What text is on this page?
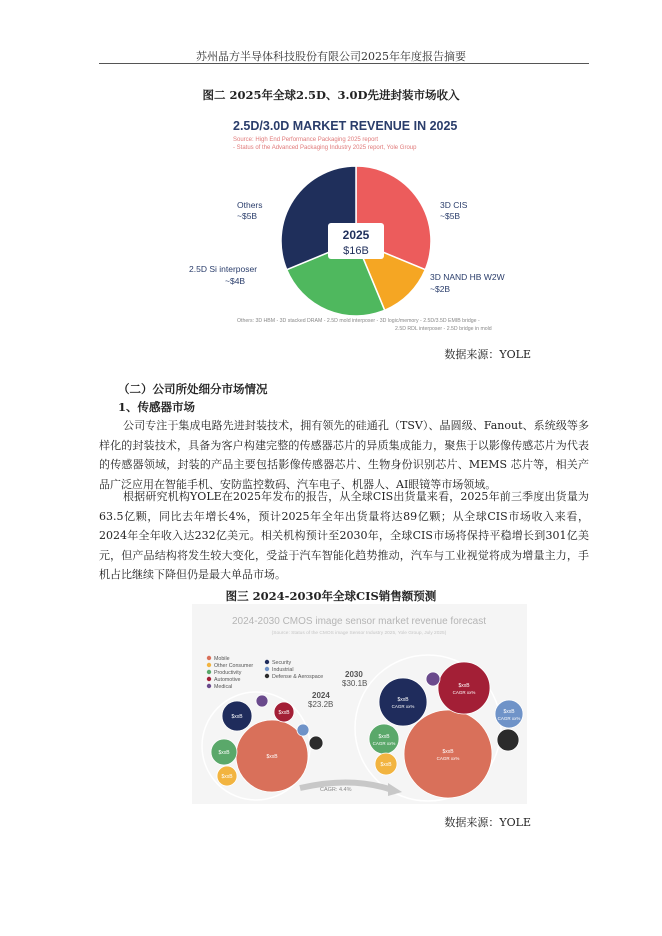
苏州晶方半导体科技股份有限公司2025年年度报告摘要
图二 2025年全球2.5D、3.0D先进封装市场收入
2.5D/3.0D MARKET REVENUE IN 2025
Source: High End Performance Packaging 2025 report
- Status of the Advanced Packaging Industry 2025 report, Yole Group
2025
$16B
Others
~$5B
3D CIS
~$5B
3D NAND HB W2W
~$2B
2.5D Si interposer
~$4B
Others: 3D HBM - 3D stacked DRAM - 2.5D mold interposer - 3D logic/memory - 2.5D/3.5D EMIB bridge -
2.5D RDL interposer - 2.5D bridge in mold
数据来源：YOLE
（二）公司所处细分市场情况
1、传感器市场

公司专注于集成电路先进封装技术，拥有领先的硅通孔（TSV）、晶圆级、Fanout、系统级等多样化的封装技术，具备为客户构建完整的传感器芯片的异质集成能力，聚焦于以影像传感芯片为代表的传感器领域，封装的产品主要包括影像传感器芯片、生物身份识别芯片、MEMS 芯片等，相关产品广泛应用在智能手机、安防监控数码、汽车电子、机器人、AI眼镜等市场领域。

根据研究机构YOLE在2025年发布的报告，从全球CIS出货量来看，2025年前三季度出货量为63.5亿颗，同比去年增长4%，预计2025年全年出货量将达89亿颗；从全球CIS市场收入来看，2024年全年收入达232亿美元。相关机构预计至2030年，全球CIS市场将保持平稳增长到301亿美元，但产品结构将发生较大变化，受益于汽车智能化趋势推动，汽车与工业视觉将成为增量主力，手机占比继续下降但仍是最大单品市场。

图三 2024-2030年全球CIS销售额预测
2024-2030 CMOS image sensor market revenue forecast
(Source: Status of the CMOS image Sensor Industry 2025, Yole Group, July 2025)
Mobile
Other Consumer
Productivity
Automotive
Medical
Security
Industrial
Defense & Aerospace
2024
$23.2B
2030
$30.1B
$xxB
$xxB
$xxB
$xxB
$xxB
$xxB
CAGR xx%
$xxB
CAGR xx%
$xxB
CAGR xx%
$xxB
CAGR xx%
$xxB
$xxB
CAGR xx%
CAGR: 4.4%
数据来源：YOLE
